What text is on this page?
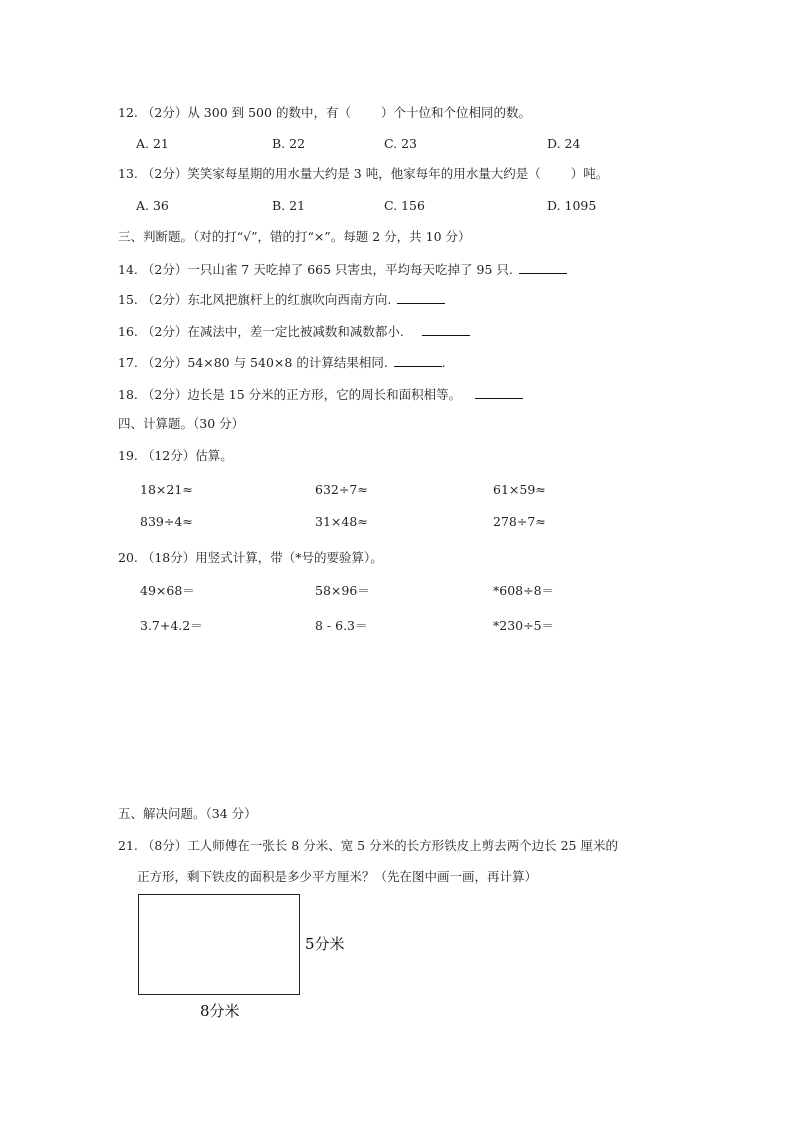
12. （2分）从 300 到 500 的数中，有（ ）个十位和个位相同的数。
A. 21	B. 22	C. 23	D. 24
13. （2分）笑笑家每星期的用水量大约是 3 吨，他家每年的用水量大约是（ ）吨。
A. 36	B. 21	C. 156	D. 1095
三、判断题。（对的打“√”，错的打“×”。每题 2 分，共 10 分）
14. （2分）一只山雀 7 天吃掉了 665 只害虫，平均每天吃掉了 95 只.
15. （2分）东北风把旗杆上的红旗吹向西南方向.
16. （2分）在减法中，差一定比被减数和减数都小.
17. （2分）54×80 与 540×8 的计算结果相同.	.
18. （2分）边长是 15 分米的正方形，它的周长和面积相等。
四、计算题。（30 分）
19. （12分）估算。
18×21≈	632÷7≈	61×59≈
839÷4≈	31×48≈	278÷7≈
20. （18分）用竖式计算，带（*号的要验算）。
49×68＝	58×96＝	*608÷8＝
3.7+4.2＝	8 - 6.3＝	*230÷5＝
五、解决问题。（34 分）
21. （8分）工人师傅在一张长 8 分米、宽 5 分米的长方形铁皮上剪去两个边长 25 厘米的
正方形，剩下铁皮的面积是多少平方厘米？（先在图中画一画，再计算）
5分米
8分米
